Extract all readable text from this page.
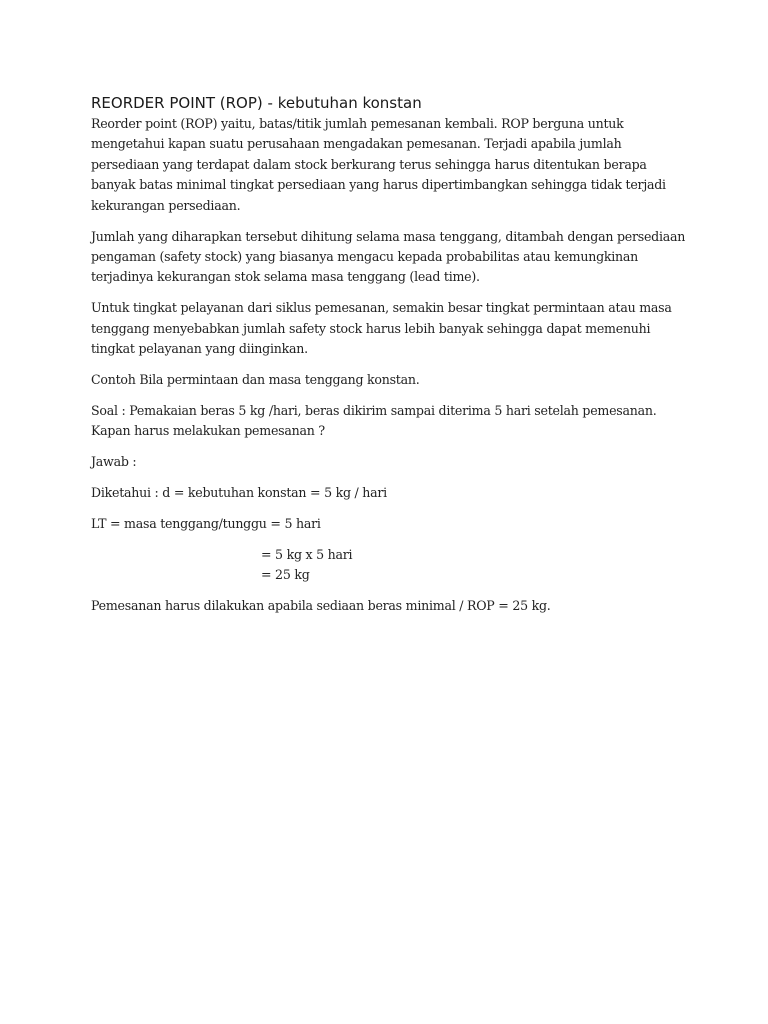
REORDER POINT (ROP) - kebutuhan konstan

Reorder point (ROP) yaitu, batas/titik jumlah pemesanan kembali. ROP berguna untuk mengetahui kapan suatu perusahaan mengadakan pemesanan. Terjadi apabila jumlah persediaan yang terdapat dalam stock berkurang terus sehingga harus ditentukan berapa banyak batas minimal tingkat persediaan yang harus dipertimbangkan sehingga tidak terjadi kekurangan persediaan.

Jumlah yang diharapkan tersebut dihitung selama masa tenggang, ditambah dengan persediaan pengaman (safety stock) yang biasanya mengacu kepada probabilitas atau kemungkinan terjadinya kekurangan stok selama masa tenggang (lead time).

Untuk tingkat pelayanan dari siklus pemesanan, semakin besar tingkat permintaan atau masa tenggang menyebabkan jumlah safety stock harus lebih banyak sehingga dapat memenuhi tingkat pelayanan yang diinginkan.

Contoh Bila permintaan dan masa tenggang konstan.

Soal : Pemakaian beras 5 kg /hari, beras dikirim sampai diterima 5 hari setelah pemesanan. Kapan harus melakukan pemesanan ?

Jawab :

Diketahui : d = kebutuhan konstan = 5 kg / hari

LT = masa tenggang/tunggu = 5 hari

= 5 kg x 5 hari
= 25 kg

Pemesanan harus dilakukan apabila sediaan beras minimal / ROP = 25 kg.
